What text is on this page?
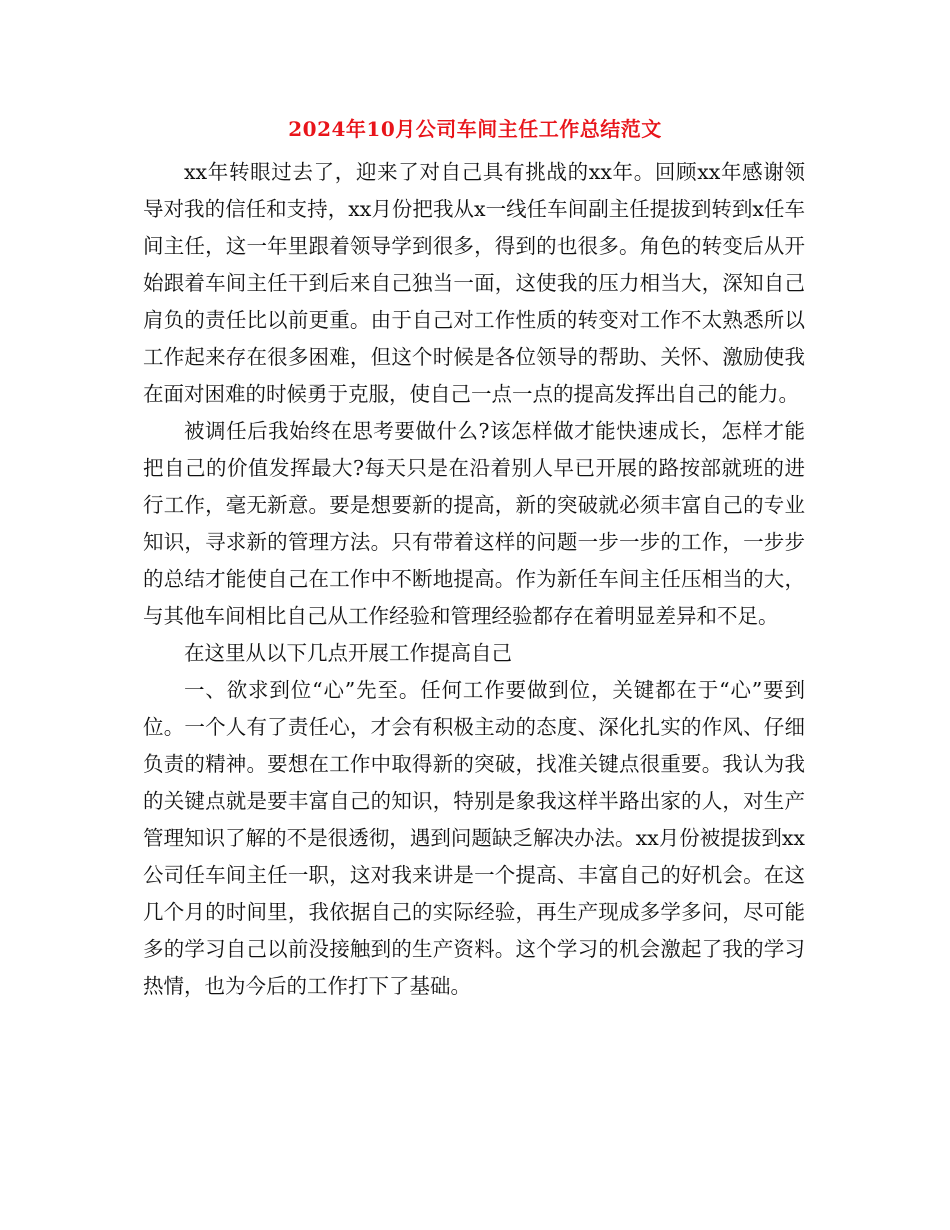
2024年10月公司车间主任工作总结范文

xx年转眼过去了，迎来了对自己具有挑战的xx年。回顾xx年感谢领导对我的信任和支持，xx月份把我从x一线任车间副主任提拔到转到x任车间主任，这一年里跟着领导学到很多，得到的也很多。角色的转变后从开始跟着车间主任干到后来自己独当一面，这使我的压力相当大，深知自己肩负的责任比以前更重。由于自己对工作性质的转变对工作不太熟悉所以工作起来存在很多困难，但这个时候是各位领导的帮助、关怀、激励使我在面对困难的时候勇于克服，使自己一点一点的提高发挥出自己的能力。

被调任后我始终在思考要做什么?该怎样做才能快速成长，怎样才能把自己的价值发挥最大?每天只是在沿着别人早已开展的路按部就班的进行工作，毫无新意。要是想要新的提高，新的突破就必须丰富自己的专业知识，寻求新的管理方法。只有带着这样的问题一步一步的工作，一步步的总结才能使自己在工作中不断地提高。作为新任车间主任压相当的大，与其他车间相比自己从工作经验和管理经验都存在着明显差异和不足。

在这里从以下几点开展工作提高自己

一、欲求到位“心”先至。任何工作要做到位，关键都在于“心”要到位。一个人有了责任心，才会有积极主动的态度、深化扎实的作风、仔细负责的精神。要想在工作中取得新的突破，找准关键点很重要。我认为我的关键点就是要丰富自己的知识，特别是象我这样半路出家的人，对生产管理知识了解的不是很透彻，遇到问题缺乏解决办法。xx月份被提拔到xx公司任车间主任一职，这对我来讲是一个提高、丰富自己的好机会。在这几个月的时间里，我依据自己的实际经验，再生产现成多学多问，尽可能多的学习自己以前没接触到的生产资料。这个学习的机会激起了我的学习热情，也为今后的工作打下了基础。
